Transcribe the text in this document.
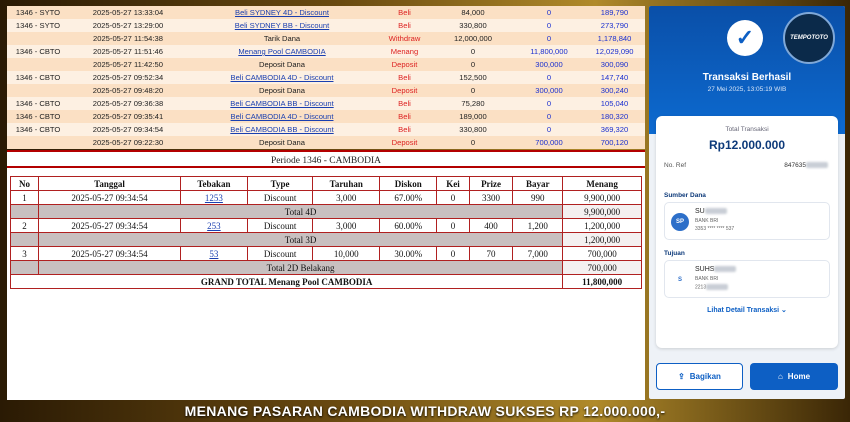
1346 - SYTO	2025-05-27 13:33:04	Beli SYDNEY 4D - Discount	Beli	84,000	0	189,790
1346 - SYTO	2025-05-27 13:29:00	Beli SYDNEY BB - Discount	Beli	330,800	0	273,790
	2025-05-27 11:54:38	Tarik Dana	Withdraw	12,000,000	0	1,178,840
1346 - CBTO	2025-05-27 11:51:46	Menang Pool CAMBODIA	Menang	0	11,800,000	12,029,090
	2025-05-27 11:42:50	Deposit Dana	Deposit	0	300,000	300,090
1346 - CBTO	2025-05-27 09:52:34	Beli CAMBODIA 4D - Discount	Beli	152,500	0	147,740
	2025-05-27 09:48:20	Deposit Dana	Deposit	0	300,000	300,240
1346 - CBTO	2025-05-27 09:36:38	Beli CAMBODIA BB - Discount	Beli	75,280	0	105,040
1346 - CBTO	2025-05-27 09:35:41	Beli CAMBODIA 4D - Discount	Beli	189,000	0	180,320
1346 - CBTO	2025-05-27 09:34:54	Beli CAMBODIA BB - Discount	Beli	330,800	0	369,320
	2025-05-27 09:22:30	Deposit Dana	Deposit	0	700,000	700,120
Periode 1346 - CAMBODIA
No	Tanggal	Tebakan	Type	Taruhan	Diskon	Kei	Prize	Bayar	Menang
1	2025-05-27 09:34:54	1253	Discount	3,000	67.00%	0	3300	990	9,900,000
	Total 4D								9,900,000
2	2025-05-27 09:34:54	253	Discount	3,000	60.00%	0	400	1,200	1,200,000
	Total 3D								1,200,000
3	2025-05-27 09:34:54	53	Discount	10,000	30.00%	0	70	7,000	700,000
	Total 2D Belakang								700,000
GRAND TOTAL Menang Pool CAMBODIA									11,800,000
✓	TEMPOTOTO
Transaksi Berhasil
27 Mei 2025, 13:05:19 WIB
Total Transaksi
Rp12.000.000
No. Ref	847635
Sumber Dana
SP
SU
BANK BRI
3353 **** **** 537
Tujuan
S
SUHS
BANK BRI
2213
Lihat Detail Transaksi ⌄
⇪ Bagikan	⌂ Home
MENANG PASARAN CAMBODIA WITHDRAW SUKSES RP 12.000.000,-
